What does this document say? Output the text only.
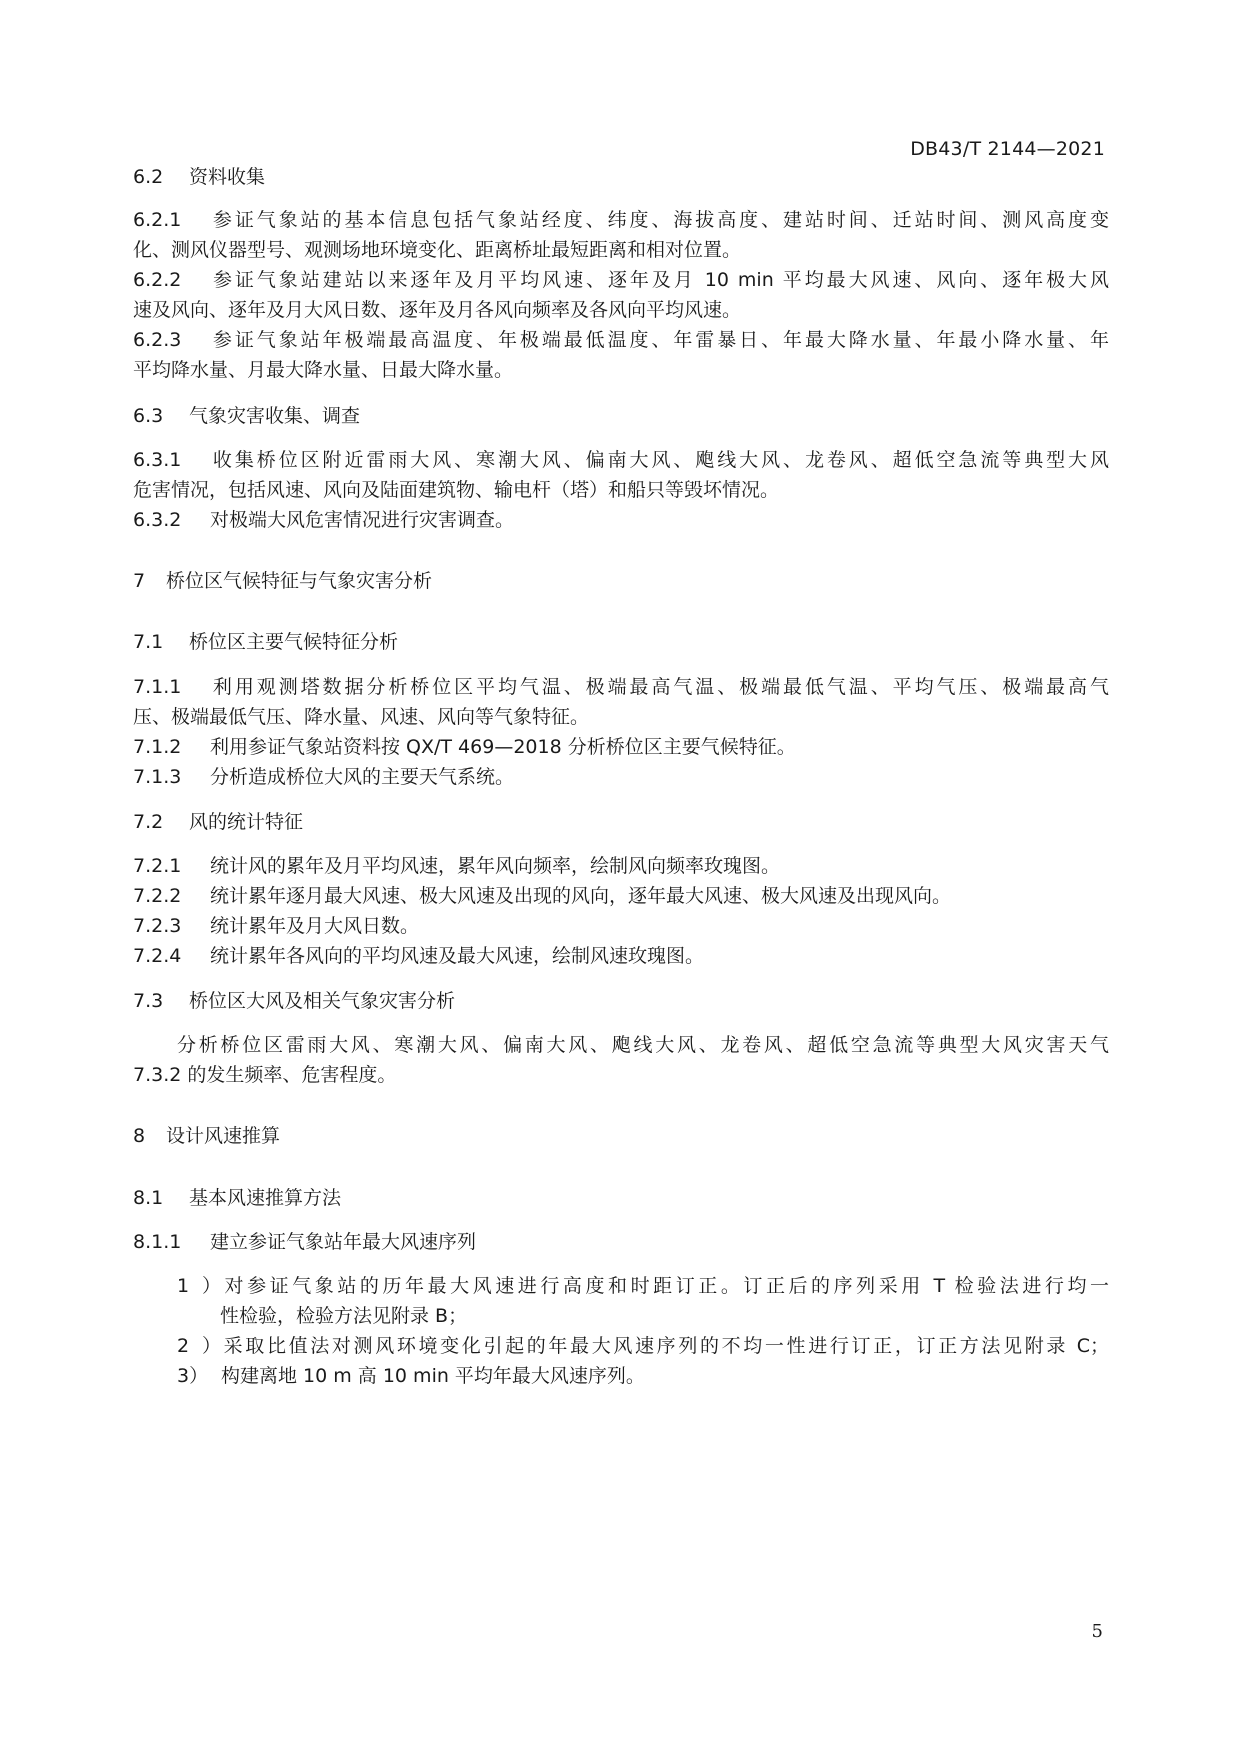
DB43/T 2144—2021
6.2 资料收集
6.2.1 参证气象站的基本信息包括气象站经度、纬度、海拔高度、建站时间、迁站时间、测风高度变
化、测风仪器型号、观测场地环境变化、距离桥址最短距离和相对位置。
6.2.2 参证气象站建站以来逐年及月平均风速、逐年及月 10 min 平均最大风速、风向、逐年极大风
速及风向、逐年及月大风日数、逐年及月各风向频率及各风向平均风速。
6.2.3 参证气象站年极端最高温度、年极端最低温度、年雷暴日、年最大降水量、年最小降水量、年
平均降水量、月最大降水量、日最大降水量。
6.3 气象灾害收集、调查
6.3.1 收集桥位区附近雷雨大风、寒潮大风、偏南大风、飑线大风、龙卷风、超低空急流等典型大风
危害情况，包括风速、风向及陆面建筑物、输电杆（塔）和船只等毁坏情况。
6.3.2 对极端大风危害情况进行灾害调查。
7 桥位区气候特征与气象灾害分析
7.1 桥位区主要气候特征分析
7.1.1 利用观测塔数据分析桥位区平均气温、极端最高气温、极端最低气温、平均气压、极端最高气
压、极端最低气压、降水量、风速、风向等气象特征。
7.1.2 利用参证气象站资料按 QX/T 469—2018 分析桥位区主要气候特征。
7.1.3 分析造成桥位大风的主要天气系统。
7.2 风的统计特征
7.2.1 统计风的累年及月平均风速，累年风向频率，绘制风向频率玫瑰图。
7.2.2 统计累年逐月最大风速、极大风速及出现的风向，逐年最大风速、极大风速及出现风向。
7.2.3 统计累年及月大风日数。
7.2.4 统计累年各风向的平均风速及最大风速，绘制风速玫瑰图。
7.3 桥位区大风及相关气象灾害分析
分析桥位区雷雨大风、寒潮大风、偏南大风、飑线大风、龙卷风、超低空急流等典型大风灾害天气
7.3.2 的发生频率、危害程度。
8 设计风速推算
8.1 基本风速推算方法
8.1.1 建立参证气象站年最大风速序列
1）对参证气象站的历年最大风速进行高度和时距订正。订正后的序列采用 T 检验法进行均一
性检验，检验方法见附录 B；
2）采取比值法对测风环境变化引起的年最大风速序列的不均一性进行订正，订正方法见附录 C；
3） 构建离地 10 m 高 10 min 平均年最大风速序列。
5
